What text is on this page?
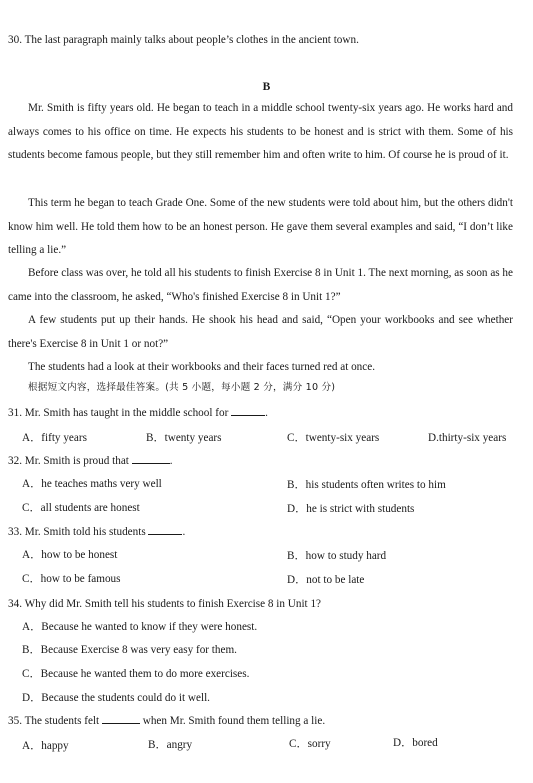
30. The last paragraph mainly talks about people’s clothes in the ancient town.
B
Mr. Smith is fifty years old. He began to teach in a middle school twenty-six years ago. He works hard and always comes to his office on time. He expects his students to be honest and is strict with them. Some of his students become famous people, but they still remember him and often write to him. Of course he is proud of it.
This term he began to teach Grade One. Some of the new students were told about him, but the others didn't know him well. He told them how to be an honest person. He gave them several examples and said, “I don’t like telling a lie.”
Before class was over, he told all his students to finish Exercise 8 in Unit 1. The next morning, as soon as he came into the classroom, he asked, “Who's finished Exercise 8 in Unit 1?”
A few students put up their hands. He shook his head and said, “Open your workbooks and see whether there's Exercise 8 in Unit 1 or not?”
The students had a look at their workbooks and their faces turned red at once.
根据短文内容，选择最佳答案。(共 5 小题，每小题 2 分，满分 10 分)
31. Mr. Smith has taught in the middle school for	.
A．fifty years	B．twenty years	C．twenty-six years	D.thirty-six years
32. Mr. Smith is proud that	.
A．he teaches maths very well	B．his students often writes to him
C．all students are honest	D．he is strict with students
33. Mr. Smith told his students	.
A．how to be honest	B．how to study hard
C．how to be famous	D．not to be late
34. Why did Mr. Smith tell his students to finish Exercise 8 in Unit 1?
A．Because he wanted to know if they were honest.
B．Because Exercise 8 was very easy for them.
C．Because he wanted them to do more exercises.
D．Because the students could do it well.
35. The students felt	when Mr. Smith found them telling a lie.
A．happy	B．angry	C．sorry	D．bored
